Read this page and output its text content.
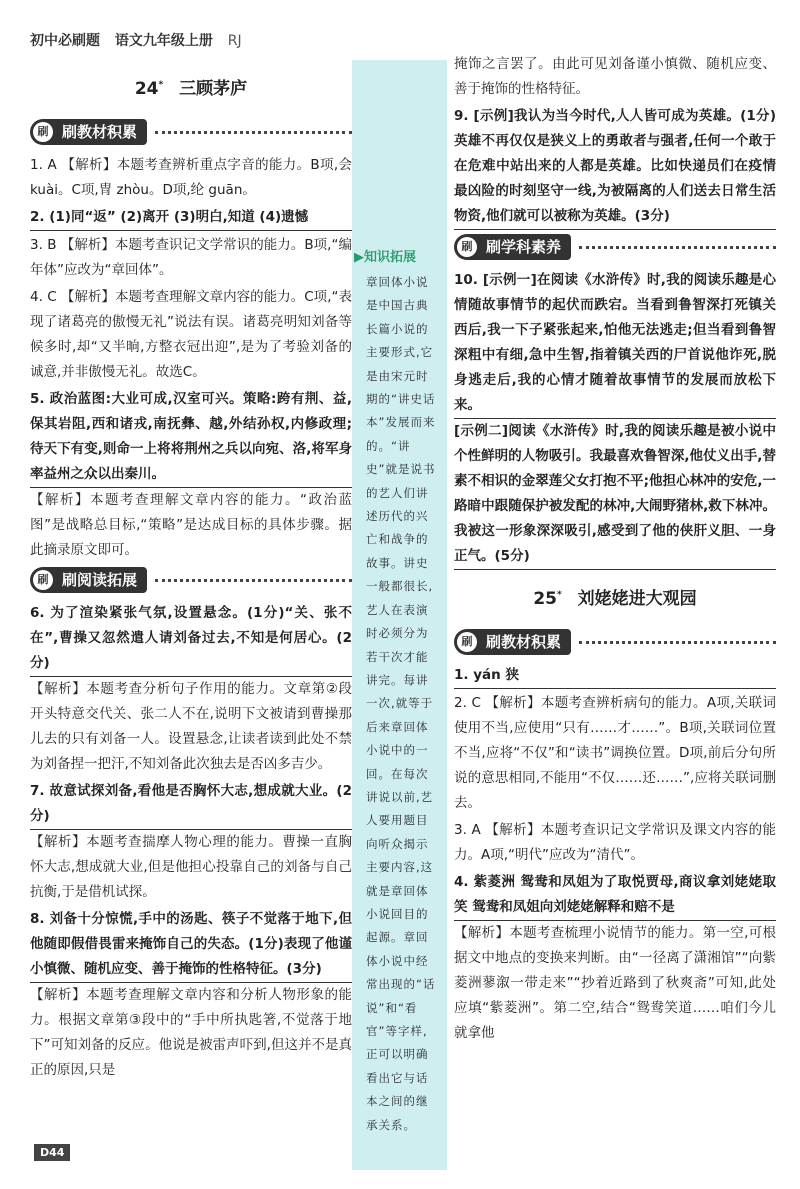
初中必刷题 语文九年级上册 RJ
24* 三顾茅庐
刷 刷教材积累

1. A 【解析】本题考查辨析重点字音的能力。B项,会 kuài。C项,冑 zhòu。D项,纶 guān。

2. (1)同“返” (2)离开 (3)明白,知道 (4)遗憾

3. B 【解析】本题考查识记文学常识的能力。B项,“编年体”应改为“章回体”。

4. C 【解析】本题考查理解文章内容的能力。C项,“表现了诸葛亮的傲慢无礼”说法有误。诸葛亮明知刘备等候多时,却“又半晌,方整衣冠出迎”,是为了考验刘备的诚意,并非傲慢无礼。故选C。

5. 政治蓝图:大业可成,汉室可兴。策略:跨有荆、益,保其岩阻,西和诸戎,南抚彝、越,外结孙权,内修政理;待天下有变,则命一上将将荆州之兵以向宛、洛,将军身率益州之众以出秦川。

【解析】本题考查理解文章内容的能力。“政治蓝图”是战略总目标,“策略”是达成目标的具体步骤。据此摘录原文即可。

刷 刷阅读拓展

6. 为了渲染紧张气氛,设置悬念。(1分)“关、张不在”,曹操又忽然遣人请刘备过去,不知是何居心。(2分)

【解析】本题考查分析句子作用的能力。文章第②段开头特意交代关、张二人不在,说明下文被请到曹操那儿去的只有刘备一人。设置悬念,让读者读到此处不禁为刘备捏一把汗,不知刘备此次独去是否凶多吉少。

7. 故意试探刘备,看他是否胸怀大志,想成就大业。(2分)

【解析】本题考查揣摩人物心理的能力。曹操一直胸怀大志,想成就大业,但是他担心投靠自己的刘备与自己抗衡,于是借机试探。

8. 刘备十分惊慌,手中的汤匙、筷子不觉落于地下,但他随即假借畏雷来掩饰自己的失态。(1分)表现了他谨小慎微、随机应变、善于掩饰的性格特征。(3分)

【解析】本题考查理解文章内容和分析人物形象的能力。根据文章第③段中的“手中所执匙箸,不觉落于地下”可知刘备的反应。他说是被雷声吓到,但这并不是真正的原因,只是

▶知识拓展
章回体小说是中国古典长篇小说的主要形式,它是由宋元时期的“讲史话本”发展而来的。“讲史”就是说书的艺人们讲述历代的兴亡和战争的故事。讲史一般都很长,艺人在表演时必须分为若干次才能讲完。每讲一次,就等于后来章回体小说中的一回。在每次讲说以前,艺人要用题目向听众揭示主要内容,这就是章回体小说回目的起源。章回体小说中经常出现的“话说”和“看官”等字样,正可以明确看出它与话本之间的继承关系。

掩饰之言罢了。由此可见刘备谨小慎微、随机应变、善于掩饰的性格特征。

9. [示例]我认为当今时代,人人皆可成为英雄。(1分)英雄不再仅仅是狭义上的勇敢者与强者,任何一个敢于在危难中站出来的人都是英雄。比如快递员们在疫情最凶险的时刻坚守一线,为被隔离的人们送去日常生活物资,他们就可以被称为英雄。(3分)

刷 刷学科素养

10. [示例一]在阅读《水浒传》时,我的阅读乐趣是心情随故事情节的起伏而跌宕。当看到鲁智深打死镇关西后,我一下子紧张起来,怕他无法逃走;但当看到鲁智深粗中有细,急中生智,指着镇关西的尸首说他诈死,脱身逃走后,我的心情才随着故事情节的发展而放松下来。

[示例二]阅读《水浒传》时,我的阅读乐趣是被小说中个性鲜明的人物吸引。我最喜欢鲁智深,他仗义出手,替素不相识的金翠莲父女打抱不平;他担心林冲的安危,一路暗中跟随保护被发配的林冲,大闹野猪林,救下林冲。我被这一形象深深吸引,感受到了他的侠肝义胆、一身正气。(5分)

25* 刘姥姥进大观园
刷 刷教材积累

1. yán 狭

2. C 【解析】本题考查辨析病句的能力。A项,关联词使用不当,应使用“只有……才……”。B项,关联词位置不当,应将“不仅”和“读书”调换位置。D项,前后分句所说的意思相同,不能用“不仅……还……”,应将关联词删去。

3. A 【解析】本题考查识记文学常识及课文内容的能力。A项,“明代”应改为“清代”。

4. 紫菱洲 鸳鸯和凤姐为了取悦贾母,商议拿刘姥姥取笑 鸳鸯和凤姐向刘姥姥解释和赔不是

【解析】本题考查梳理小说情节的能力。第一空,可根据文中地点的变换来判断。由“一径离了潇湘馆”“向紫菱洲蓼溆一带走来”“抄着近路到了秋爽斋”可知,此处应填“紫菱洲”。第二空,结合“鸳鸯笑道……咱们今儿就拿他

D44
